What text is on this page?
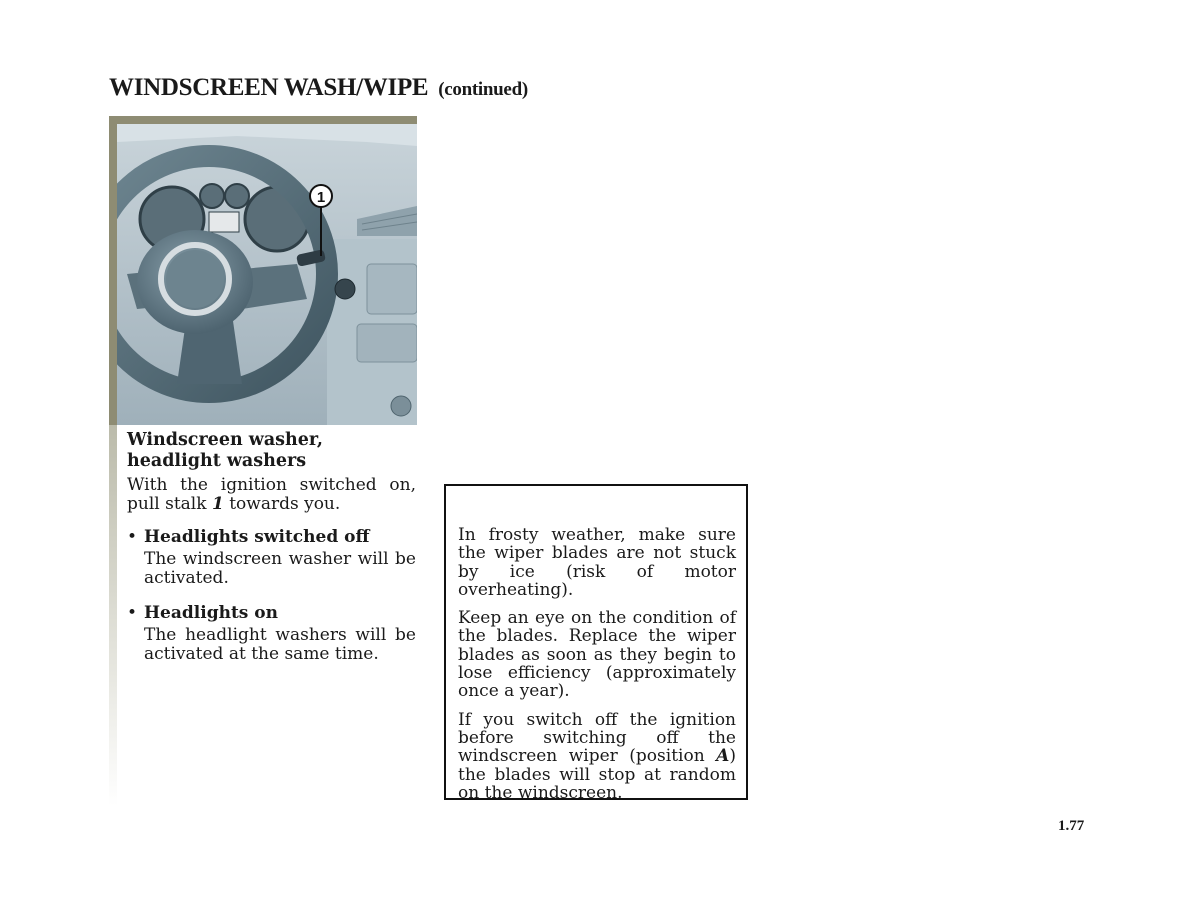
WINDSCREEN WASH/WIPE (continued)
1
Windscreen washer,
headlight washers

With the ignition switched on, pull stalk 1 towards you.

• Headlights switched off
The windscreen washer will be activated.
• Headlights on
The headlight washers will be activated at the same time.

In frosty weather, make sure the wiper blades are not stuck by ice (risk of motor overheating).

Keep an eye on the condition of the blades. Replace the wiper blades as soon as they begin to lose efficiency (approximately once a year).

If you switch off the ignition before switching off the windscreen wiper (position A) the blades will stop at random on the windscreen.

1.77
